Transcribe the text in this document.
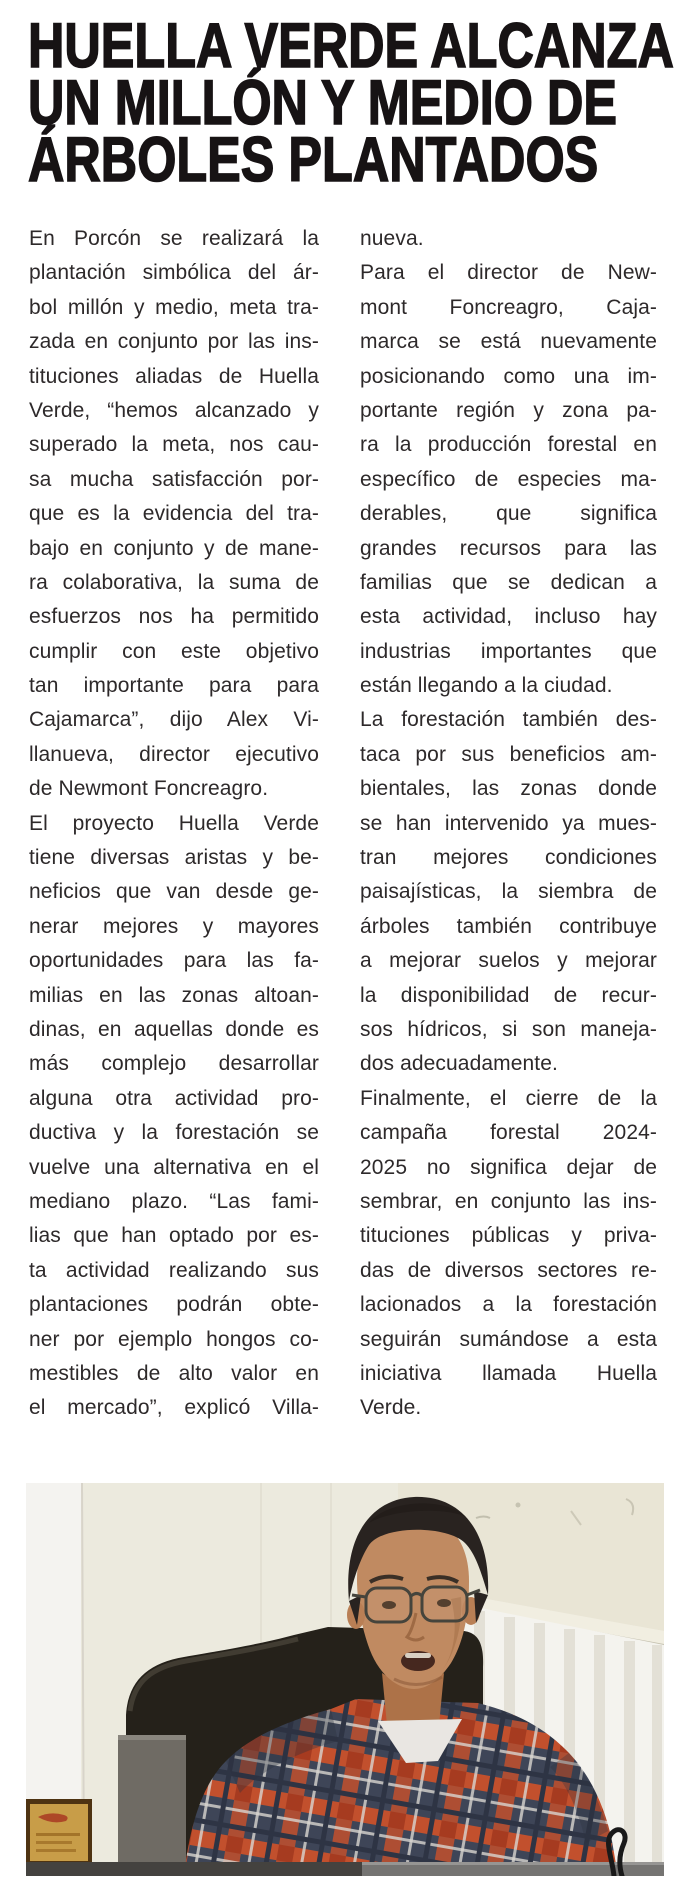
HUELLA VERDE ALCANZA
UN MILLÓN Y MEDIO DE
ÁRBOLES PLANTADOS
En Porcón se realizará la
plantación simbólica del ár-
bol millón y medio, meta tra-
zada en conjunto por las ins-
tituciones aliadas de Huella
Verde, “hemos alcanzado y
superado la meta, nos cau-
sa mucha satisfacción por-
que es la evidencia del tra-
bajo en conjunto y de mane-
ra colaborativa, la suma de
esfuerzos nos ha permitido
cumplir con este objetivo
tan importante para para
Cajamarca”, dijo Alex Vi-
llanueva, director ejecutivo
de Newmont Foncreagro.
El proyecto Huella Verde
tiene diversas aristas y be-
neficios que van desde ge-
nerar mejores y mayores
oportunidades para las fa-
milias en las zonas altoan-
dinas, en aquellas donde es
más complejo desarrollar
alguna otra actividad pro-
ductiva y la forestación se
vuelve una alternativa en el
mediano plazo. “Las fami-
lias que han optado por es-
ta actividad realizando sus
plantaciones podrán obte-
ner por ejemplo hongos co-
mestibles de alto valor en
el mercado”, explicó Villa-
nueva.
Para el director de New-
mont Foncreagro, Caja-
marca se está nuevamente
posicionando como una im-
portante región y zona pa-
ra la producción forestal en
específico de especies ma-
derables, que significa
grandes recursos para las
familias que se dedican a
esta actividad, incluso hay
industrias importantes que
están llegando a la ciudad.
La forestación también des-
taca por sus beneficios am-
bientales, las zonas donde
se han intervenido ya mues-
tran mejores condiciones
paisajísticas, la siembra de
árboles también contribuye
a mejorar suelos y mejorar
la disponibilidad de recur-
sos hídricos, si son maneja-
dos adecuadamente.
Finalmente, el cierre de la
campaña forestal 2024-
2025 no significa dejar de
sembrar, en conjunto las ins-
tituciones públicas y priva-
das de diversos sectores re-
lacionados a la forestación
seguirán sumándose a esta
iniciativa llamada Huella
Verde.
